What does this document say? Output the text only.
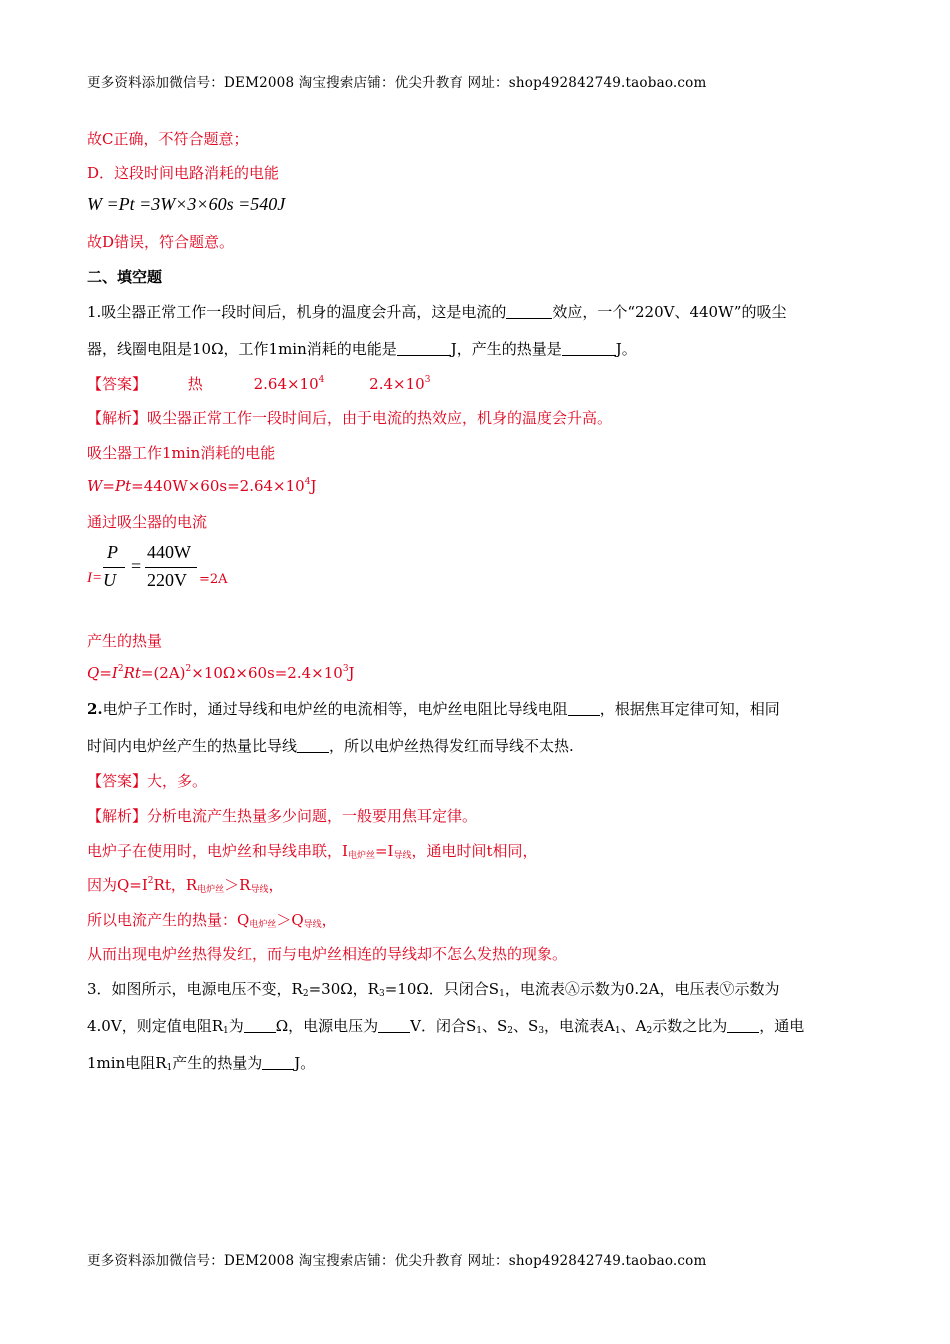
更多资料添加微信号：DEM2008 淘宝搜索店铺：优尖升教育 网址：shop492842749.taobao.com
故C正确，不符合题意；
D．这段时间电路消耗的电能
W =Pt =3W×3×60s =540J
故D错误，符合题意。
二、填空题
1.吸尘器正常工作一段时间后，机身的温度会升高，这是电流的	效应，一个“220V、440W”的吸尘
器，线圈电阻是10Ω，工作1min消耗的电能是	J，产生的热量是	J。
【答案】	热	$2.64\times 10^4$	$2.4\times 10^3$
【解析】吸尘器正常工作一段时间后，由于电流的热效应，机身的温度会升高。
吸尘器工作1min消耗的电能
$W=Pt=440W\times 60s=2.64\times 10^4J$
通过吸尘器的电流
I=
P
U
=
440W
220V =2A
产生的热量
$Q=I^2Rt=(2A)^2\times 10\Omega\times 60s=2.4\times 10^3J$
2.电炉子工作时，通过导线和电炉丝的电流相等，电炉丝电阻比导线电阻 ，根据焦耳定律可知，相同
时间内电炉丝产生的热量比导线 ，所以电炉丝热得发红而导线不太热.
【答案】大，多。
【解析】分析电流产生热量多少问题，一般要用焦耳定律。
电炉子在使用时，电炉丝和导线串联，$I_{电炉丝}=I_{导线}$，通电时间t相同，
因为$Q=I^2Rt$，$R_{电炉丝}>R_{导线}$，
所以电流产生的热量：$Q_{电炉丝}>Q_{导线}$，
从而出现电炉丝热得发红，而与电炉丝相连的导线却不怎么发热的现象。
3．如图所示，电源电压不变，$R_2=30\Omega$，$R_3=10\Omega$．只闭合$S_1$，电流表Ⓐ示数为0.2A，电压表Ⓥ示数为
4.0V，则定值电阻$R_1$为 Ω，电源电压为 V．闭合$S_1$、$S_2$、$S_3$，电流表$A_1$、$A_2$示数之比为 ，通电
1min电阻$R_1$产生的热量为 J。
更多资料添加微信号：DEM2008 淘宝搜索店铺：优尖升教育 网址：shop492842749.taobao.com
